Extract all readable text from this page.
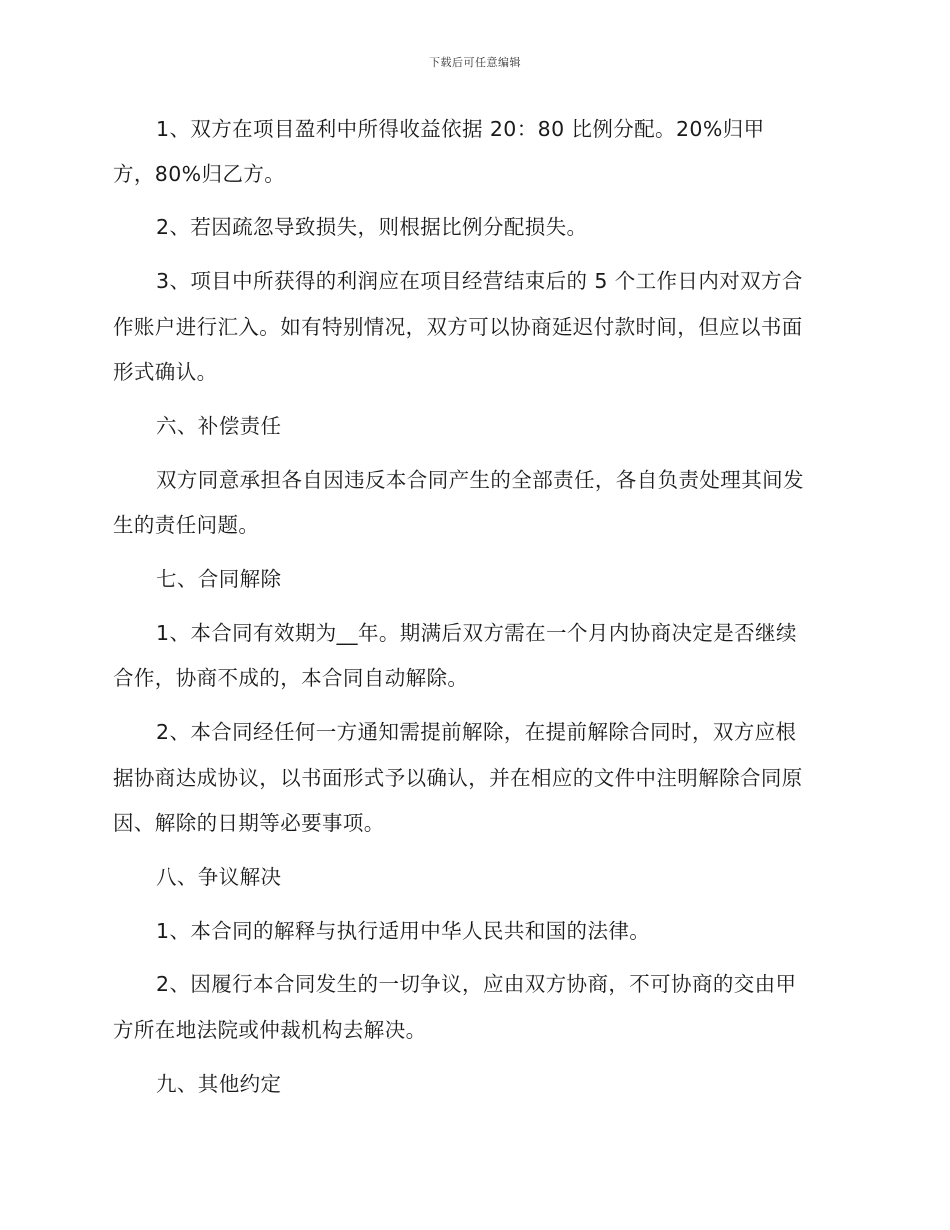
下载后可任意编辑
1、双方在项目盈利中所得收益依据 20：80 比例分配。20%归甲
方，80%归乙方。
2、若因疏忽导致损失，则根据比例分配损失。
3、项目中所获得的利润应在项目经营结束后的 5 个工作日内对双方合
作账户进行汇入。如有特别情况，双方可以协商延迟付款时间，但应以书面
形式确认。
六、补偿责任
双方同意承担各自因违反本合同产生的全部责任，各自负责处理其间发
生的责任问题。
七、合同解除
1、本合同有效期为__年。期满后双方需在一个月内协商决定是否继续
合作，协商不成的，本合同自动解除。
2、本合同经任何一方通知需提前解除，在提前解除合同时，双方应根
据协商达成协议，以书面形式予以确认，并在相应的文件中注明解除合同原
因、解除的日期等必要事项。
八、争议解决
1、本合同的解释与执行适用中华人民共和国的法律。
2、因履行本合同发生的一切争议，应由双方协商，不可协商的交由甲
方所在地法院或仲裁机构去解决。
九、其他约定
